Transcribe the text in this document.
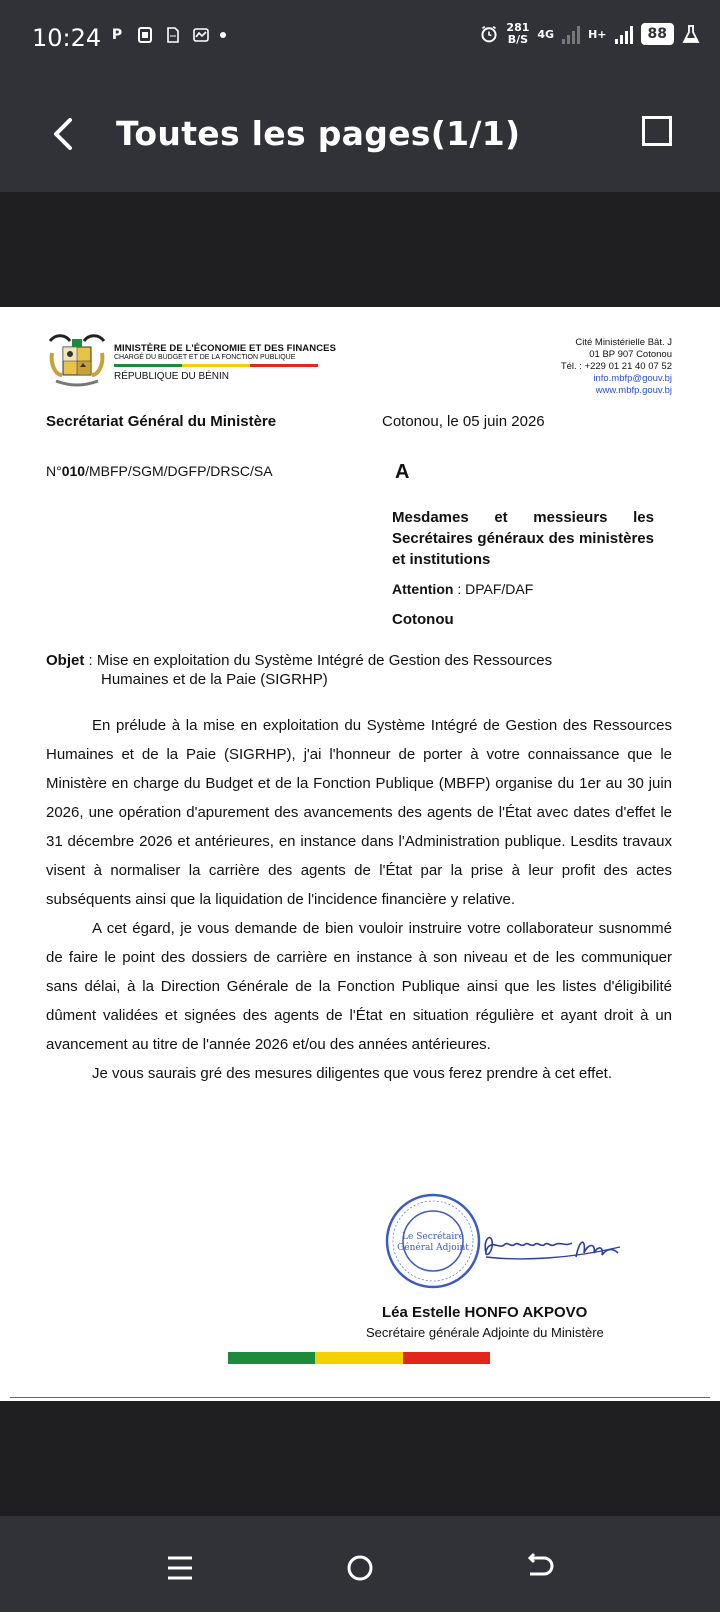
10:24 P	281
B/S 4G	H+	88
Toutes les pages(1/1)
MINISTÈRE DE L'ÉCONOMIE ET DES FINANCES
CHARGÉ DU BUDGET ET DE LA FONCTION PUBLIQUE
RÉPUBLIQUE DU BÉNIN
Cité Ministérielle Bât. J
01 BP 907 Cotonou
Tél. : +229 01 21 40 07 52
info.mbfp@gouv.bj
www.mbfp.gouv.bj
Secrétariat Général du Ministère	Cotonou, le 05 juin 2026
N°010/MBFP/SGM/DGFP/DRSC/SA	A
Mesdames et messieurs les Secrétaires généraux des ministères et institutions
Attention : DPAF/DAF
Cotonou
Objet : Mise en exploitation du Système Intégré de Gestion des Ressources
Humaines et de la Paie (SIGRHP)

En prélude à la mise en exploitation du Système Intégré de Gestion des Ressources Humaines et de la Paie (SIGRHP), j'ai l'honneur de porter à votre connaissance que le Ministère en charge du Budget et de la Fonction Publique (MBFP) organise du 1er au 30 juin 2026, une opération d'apurement des avancements des agents de l'État avec dates d'effet le 31 décembre 2026 et antérieures, en instance dans l'Administration publique. Lesdits travaux visent à normaliser la carrière des agents de l'État par la prise à leur profit des actes subséquents ainsi que la liquidation de l'incidence financière y relative.

A cet égard, je vous demande de bien vouloir instruire votre collaborateur susnommé de faire le point des dossiers de carrière en instance à son niveau et de les communiquer sans délai, à la Direction Générale de la Fonction Publique ainsi que les listes d'éligibilité dûment validées et signées des agents de l'État en situation régulière et ayant droit à un avancement au titre de l'année 2026 et/ou des années antérieures.

Je vous saurais gré des mesures diligentes que vous ferez prendre à cet effet.

Le Secrétaire
Général Adjoint
Léa Estelle HONFO AKPOVO
Secrétaire générale Adjointe du Ministère
